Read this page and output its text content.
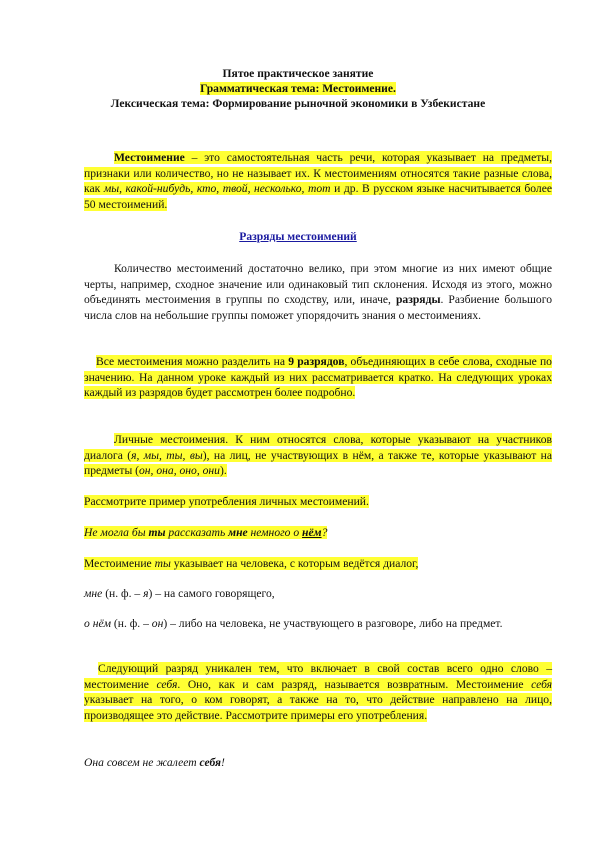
Пятое практическое занятие
Грамматическая тема: Местоимение.
Лексическая тема: Формирование рыночной экономики в Узбекистане
Местоимение – это самостоятельная часть речи, которая указывает на предметы, признаки или количество, но не называет их. К местоимениям относятся такие разные слова, как мы, какой-нибудь, кто, твой, несколько, тот и др. В русском языке насчитывается более 50 местоимений.
Разряды местоимений
Количество местоимений достаточно велико, при этом многие из них имеют общие черты, например, сходное значение или одинаковый тип склонения. Исходя из этого, можно объединять местоимения в группы по сходству, или, иначе, разряды. Разбиение большого числа слов на небольшие группы поможет упорядочить знания о местоимениях.
Все местоимения можно разделить на 9 разрядов, объединяющих в себе слова, сходные по значению. На данном уроке каждый из них рассматривается кратко. На следующих уроках каждый из разрядов будет рассмотрен более подробно.
Личные местоимения. К ним относятся слова, которые указывают на участников диалога (я, мы, ты, вы), на лиц, не участвующих в нём, а также те, которые указывают на предметы (он, она, оно, они).
Рассмотрите пример употребления личных местоимений.
Не могла бы ты рассказать мне немного о нём?
Местоимение ты указывает на человека, с которым ведётся диалог,
мне (н. ф. – я) – на самого говорящего,
о нём (н. ф. – он) – либо на человека, не участвующего в разговоре, либо на предмет.
Следующий разряд уникален тем, что включает в свой состав всего одно слово – местоимение себя. Оно, как и сам разряд, называется возвратным. Местоимение себя указывает на того, о ком говорят, а также на то, что действие направлено на лицо, производящее это действие. Рассмотрите примеры его употребления.
Она совсем не жалеет себя!
